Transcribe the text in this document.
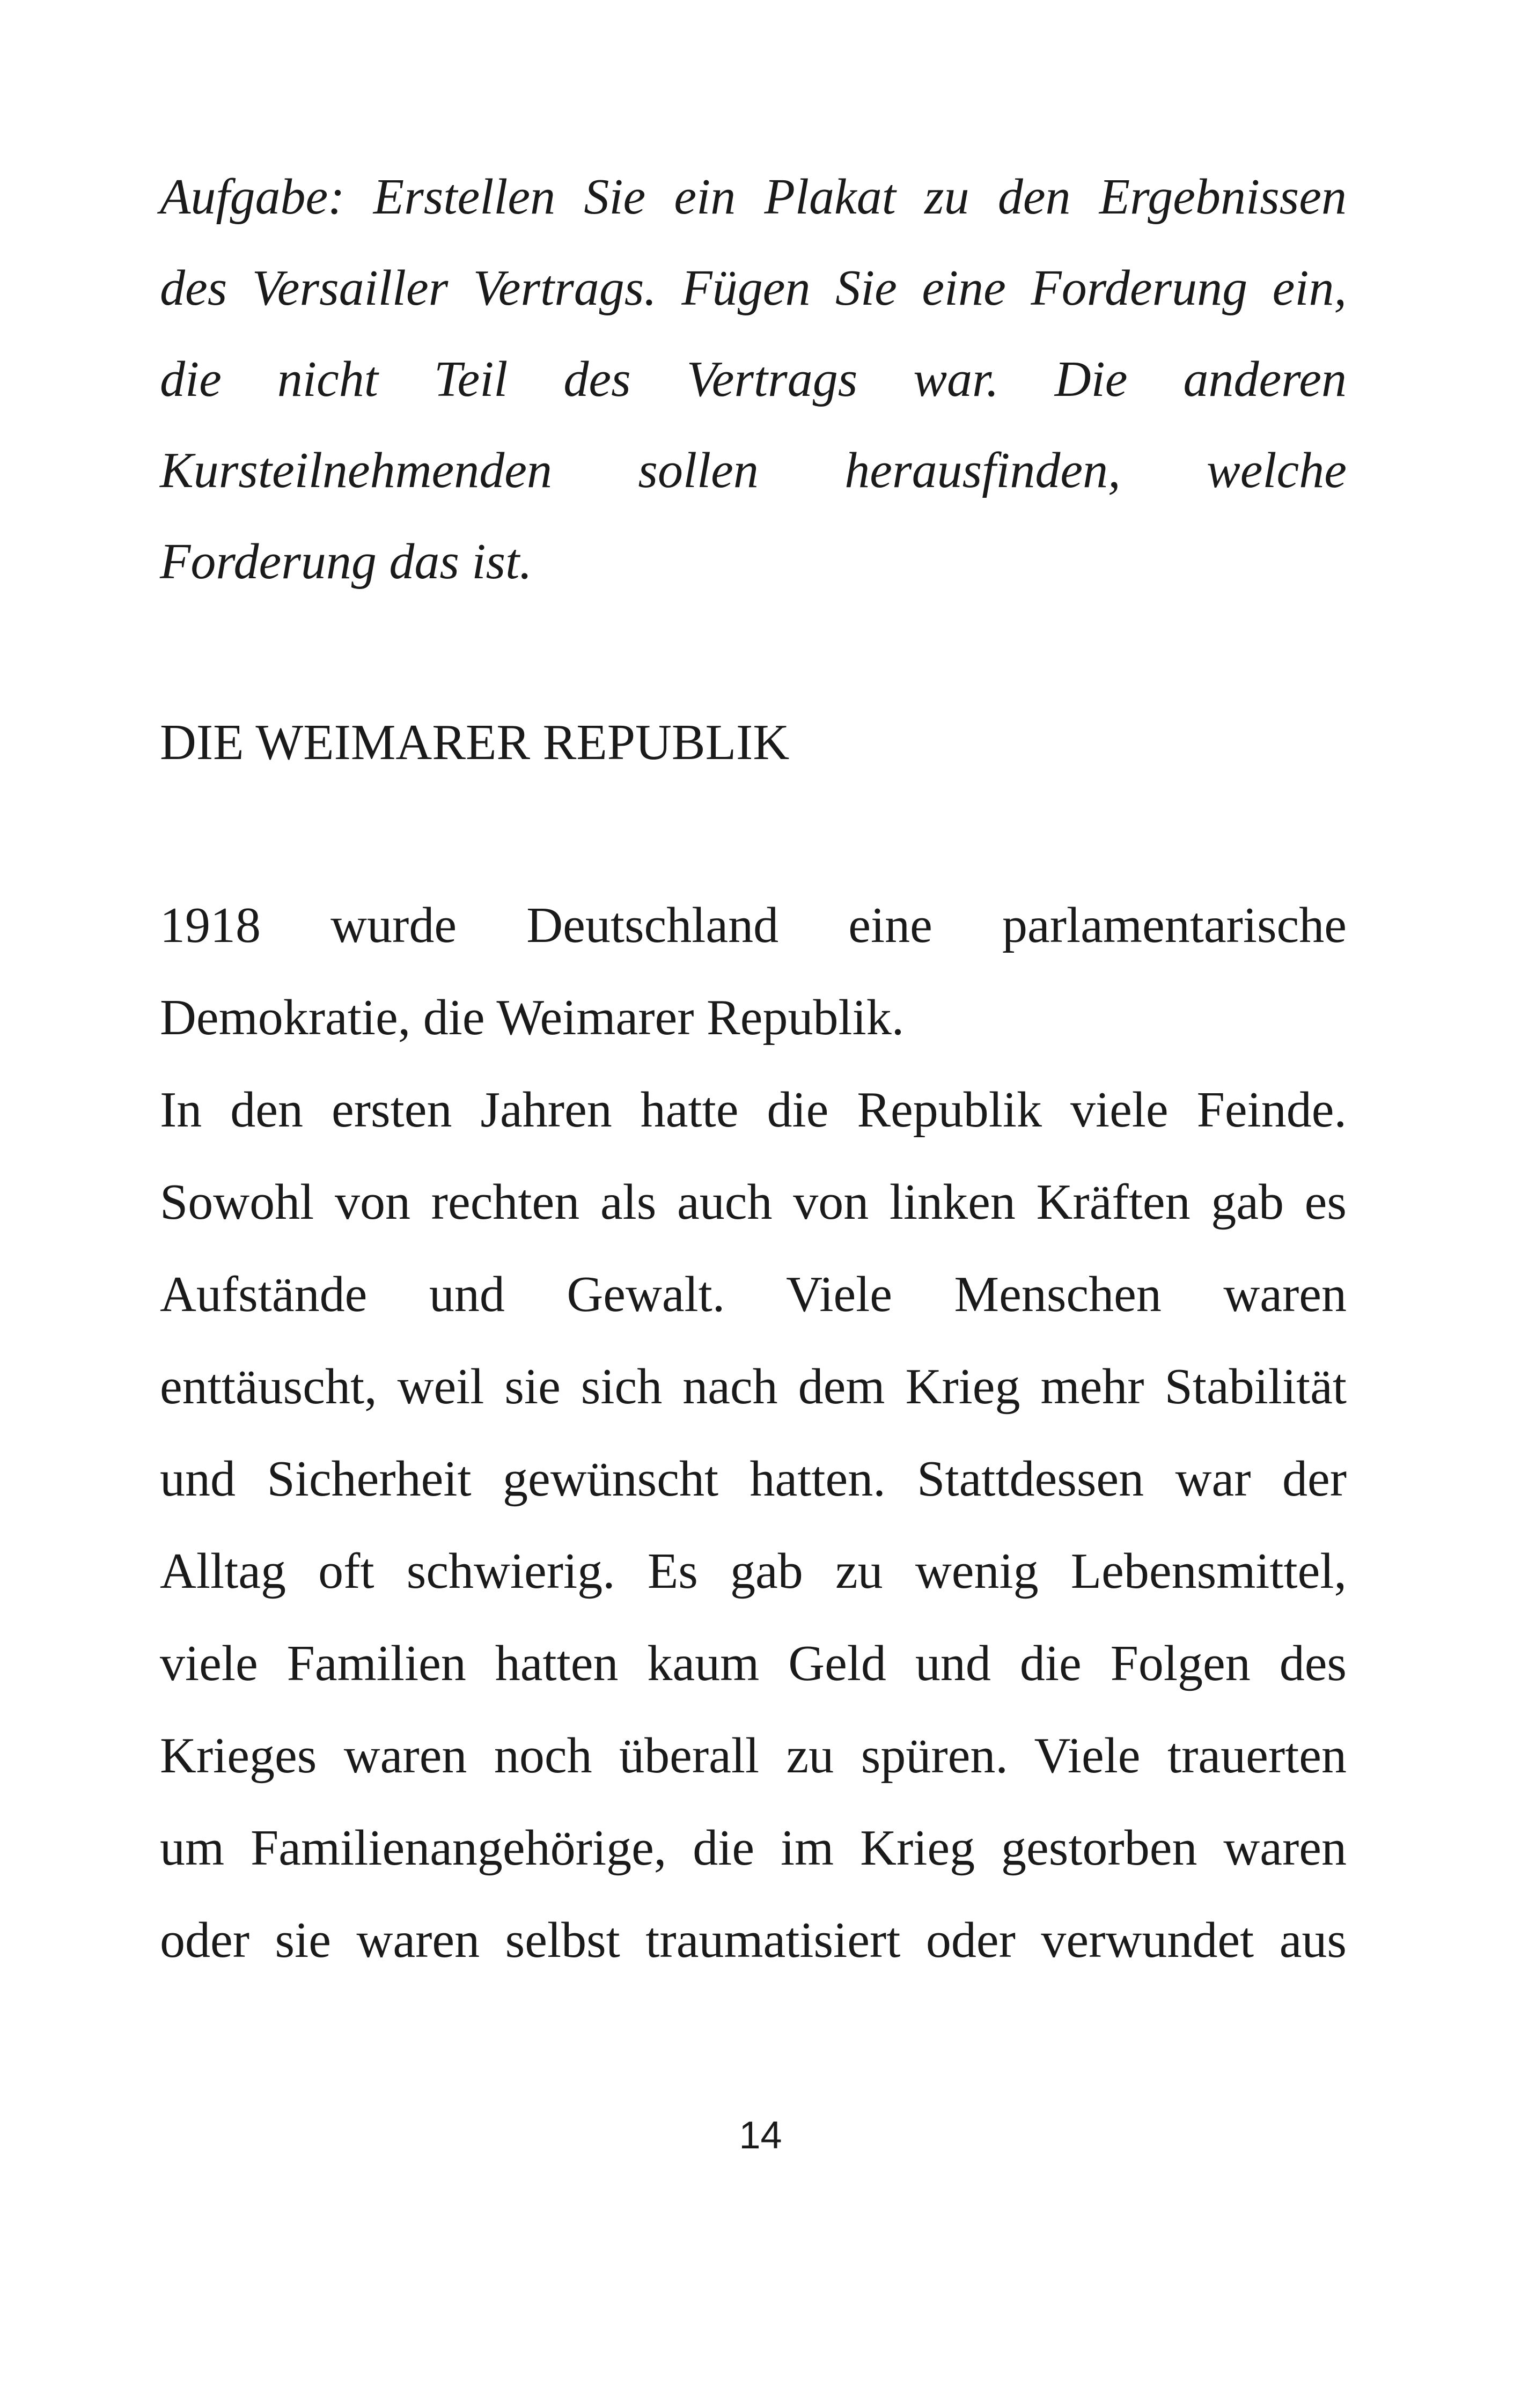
Aufgabe: Erstellen Sie ein Plakat zu den Ergebnissen
des Versailler Vertrags. Fügen Sie eine Forderung ein,
die nicht Teil des Vertrags war. Die anderen
Kursteilnehmenden sollen herausfinden, welche
Forderung das ist.
DIE WEIMARER REPUBLIK
1918 wurde Deutschland eine parlamentarische
Demokratie, die Weimarer Republik.
In den ersten Jahren hatte die Republik viele Feinde.
Sowohl von rechten als auch von linken Kräften gab es
Aufstände und Gewalt. Viele Menschen waren
enttäuscht, weil sie sich nach dem Krieg mehr Stabilität
und Sicherheit gewünscht hatten. Stattdessen war der
Alltag oft schwierig. Es gab zu wenig Lebensmittel,
viele Familien hatten kaum Geld und die Folgen des
Krieges waren noch überall zu spüren. Viele trauerten
um Familienangehörige, die im Krieg gestorben waren
oder sie waren selbst traumatisiert oder verwundet aus
14
